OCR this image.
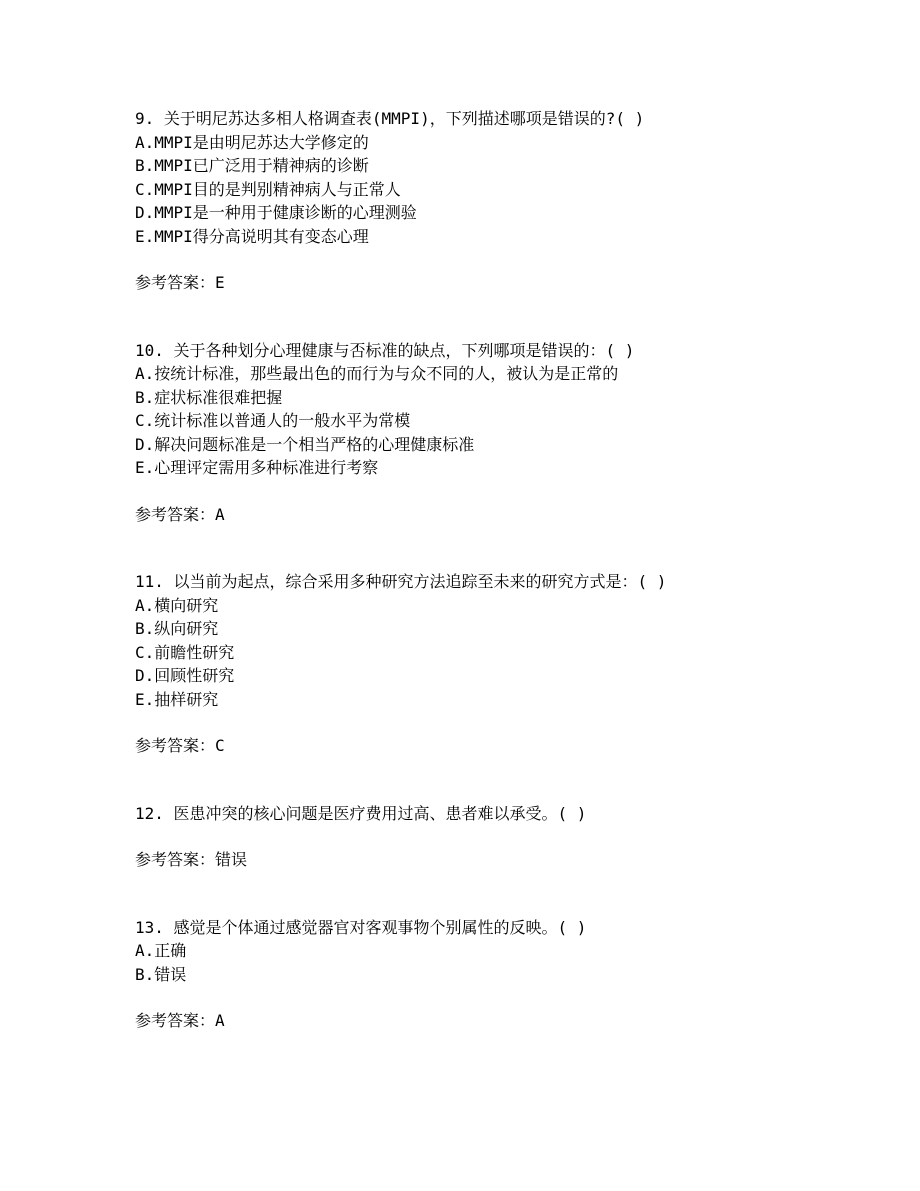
9. 关于明尼苏达多相人格调查表(MMPI)，下列描述哪项是错误的?( )
A.MMPI是由明尼苏达大学修定的
B.MMPI已广泛用于精神病的诊断
C.MMPI目的是判别精神病人与正常人
D.MMPI是一种用于健康诊断的心理测验
E.MMPI得分高说明其有变态心理
参考答案：E
10. 关于各种划分心理健康与否标准的缺点，下列哪项是错误的：( )
A.按统计标准，那些最出色的而行为与众不同的人，被认为是正常的
B.症状标准很难把握
C.统计标准以普通人的一般水平为常模
D.解决问题标准是一个相当严格的心理健康标准
E.心理评定需用多种标准进行考察
参考答案：A
11. 以当前为起点，综合采用多种研究方法追踪至未来的研究方式是：( )
A.横向研究
B.纵向研究
C.前瞻性研究
D.回顾性研究
E.抽样研究
参考答案：C
12. 医患冲突的核心问题是医疗费用过高、患者难以承受。( )
参考答案：错误
13. 感觉是个体通过感觉器官对客观事物个别属性的反映。( )
A.正确
B.错误
参考答案：A
